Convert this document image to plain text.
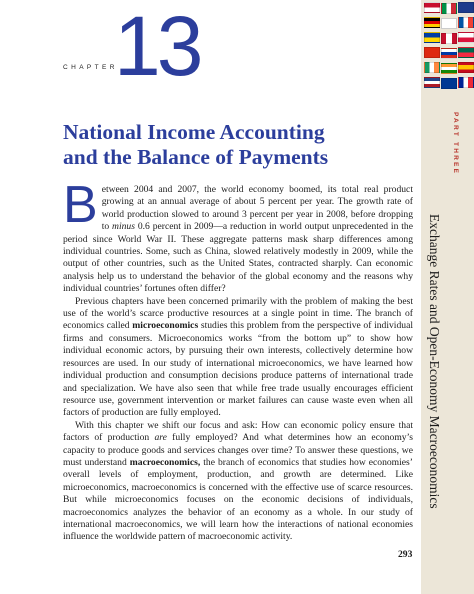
PART THREE
Exchange Rates and Open-Economy Macroeconomics
CHAPTER
13
National Income Accounting
and the Balance of Payments

Between 2004 and 2007, the world economy boomed, its total real product growing at an annual average of about 5 percent per year. The growth rate of world production slowed to around 3 percent per year in 2008, before dropping to minus 0.6 percent in 2009—a reduction in world output unprecedented in the period since World War II. These aggregate patterns mask sharp differences among individual countries. Some, such as China, slowed relatively modestly in 2009, while the output of other countries, such as the United States, contracted sharply. Can economic analysis help us to understand the behavior of the global economy and the reasons why individual countries’ fortunes often differ?

Previous chapters have been concerned primarily with the problem of making the best use of the world’s scarce productive resources at a single point in time. The branch of economics called microeconomics studies this problem from the perspective of individual firms and consumers. Microeconomics works “from the bottom up” to show how individual economic actors, by pursuing their own interests, collectively determine how resources are used. In our study of international microeconomics, we have learned how individual production and consumption decisions produce patterns of international trade and specialization. We have also seen that while free trade usually encourages efficient resource use, government intervention or market failures can cause waste even when all factors of production are fully employed.

With this chapter we shift our focus and ask: How can economic policy ensure that factors of production are fully employed? And what determines how an economy’s capacity to produce goods and services changes over time? To answer these questions, we must understand macroeconomics, the branch of economics that studies how economies’ overall levels of employment, production, and growth are determined. Like microeconomics, macroeconomics is concerned with the effective use of scarce resources. But while microeconomics focuses on the economic decisions of individuals, macroeconomics analyzes the behavior of an economy as a whole. In our study of international macroeconomics, we will learn how the interactions of national economies influence the worldwide pattern of macroeconomic activity.

293
